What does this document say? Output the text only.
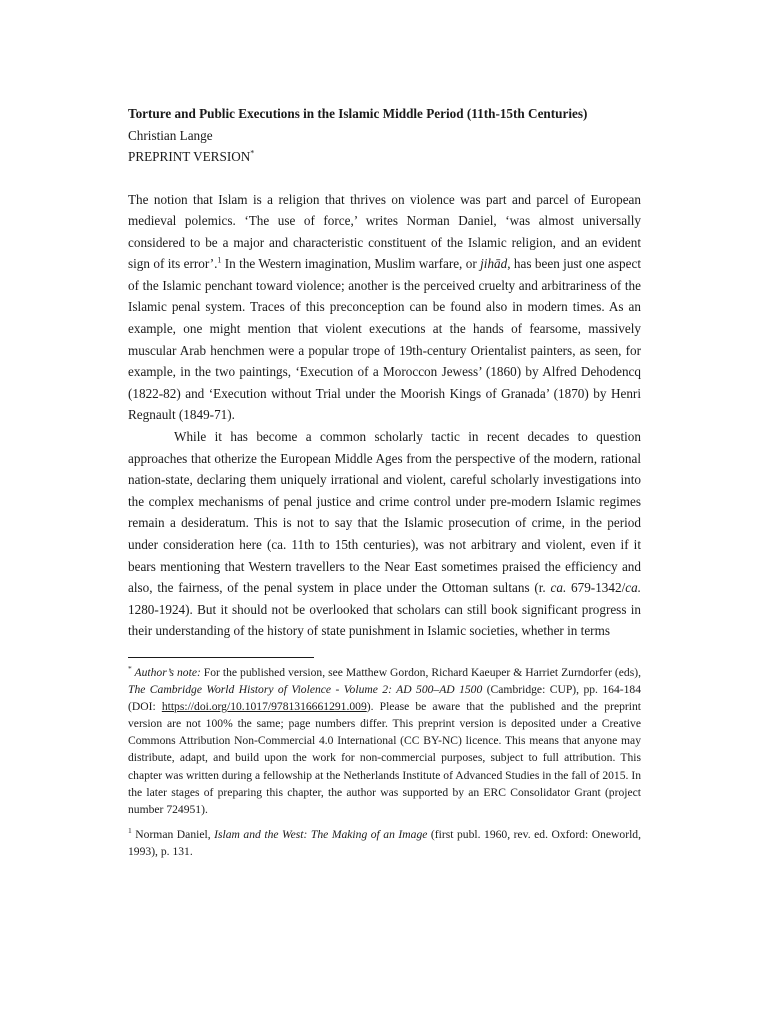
Torture and Public Executions in the Islamic Middle Period (11th-15th Centuries)
Christian Lange
PREPRINT VERSION*

The notion that Islam is a religion that thrives on violence was part and parcel of European medieval polemics. ‘The use of force,’ writes Norman Daniel, ‘was almost universally considered to be a major and characteristic constituent of the Islamic religion, and an evident sign of its error’.$^1$ In the Western imagination, Muslim warfare, or jihād, has been just one aspect of the Islamic penchant toward violence; another is the perceived cruelty and arbitrariness of the Islamic penal system. Traces of this preconception can be found also in modern times. As an example, one might mention that violent executions at the hands of fearsome, massively muscular Arab henchmen were a popular trope of 19th-century Orientalist painters, as seen, for example, in the two paintings, ‘Execution of a Moroccon Jewess’ (1860) by Alfred Dehodencq (1822-82) and ‘Execution without Trial under the Moorish Kings of Granada’ (1870) by Henri Regnault (1849-71).

While it has become a common scholarly tactic in recent decades to question approaches that otherize the European Middle Ages from the perspective of the modern, rational nation-state, declaring them uniquely irrational and violent, careful scholarly investigations into the complex mechanisms of penal justice and crime control under pre-modern Islamic regimes remain a desideratum. This is not to say that the Islamic prosecution of crime, in the period under consideration here (ca. 11th to 15th centuries), was not arbitrary and violent, even if it bears mentioning that Western travellers to the Near East sometimes praised the efficiency and also, the fairness, of the penal system in place under the Ottoman sultans (r. ca. 679-1342/ca. 1280-1924). But it should not be overlooked that scholars can still book significant progress in their understanding of the history of state punishment in Islamic societies, whether in terms

* Author’s note: For the published version, see Matthew Gordon, Richard Kaeuper & Harriet Zurndorfer (eds), The Cambridge World History of Violence - Volume 2: AD 500–AD 1500 (Cambridge: CUP), pp. 164-184 (DOI: https://doi.org/10.1017/9781316661291.009). Please be aware that the published and the preprint version are not 100% the same; page numbers differ. This preprint version is deposited under a Creative Commons Attribution Non-Commercial 4.0 International (CC BY-NC) licence. This means that anyone may distribute, adapt, and build upon the work for non-commercial purposes, subject to full attribution. This chapter was written during a fellowship at the Netherlands Institute of Advanced Studies in the fall of 2015. In the later stages of preparing this chapter, the author was supported by an ERC Consolidator Grant (project number 724951).

$^1$ Norman Daniel, Islam and the West: The Making of an Image (first publ. 1960, rev. ed. Oxford: Oneworld, 1993), p. 131.
